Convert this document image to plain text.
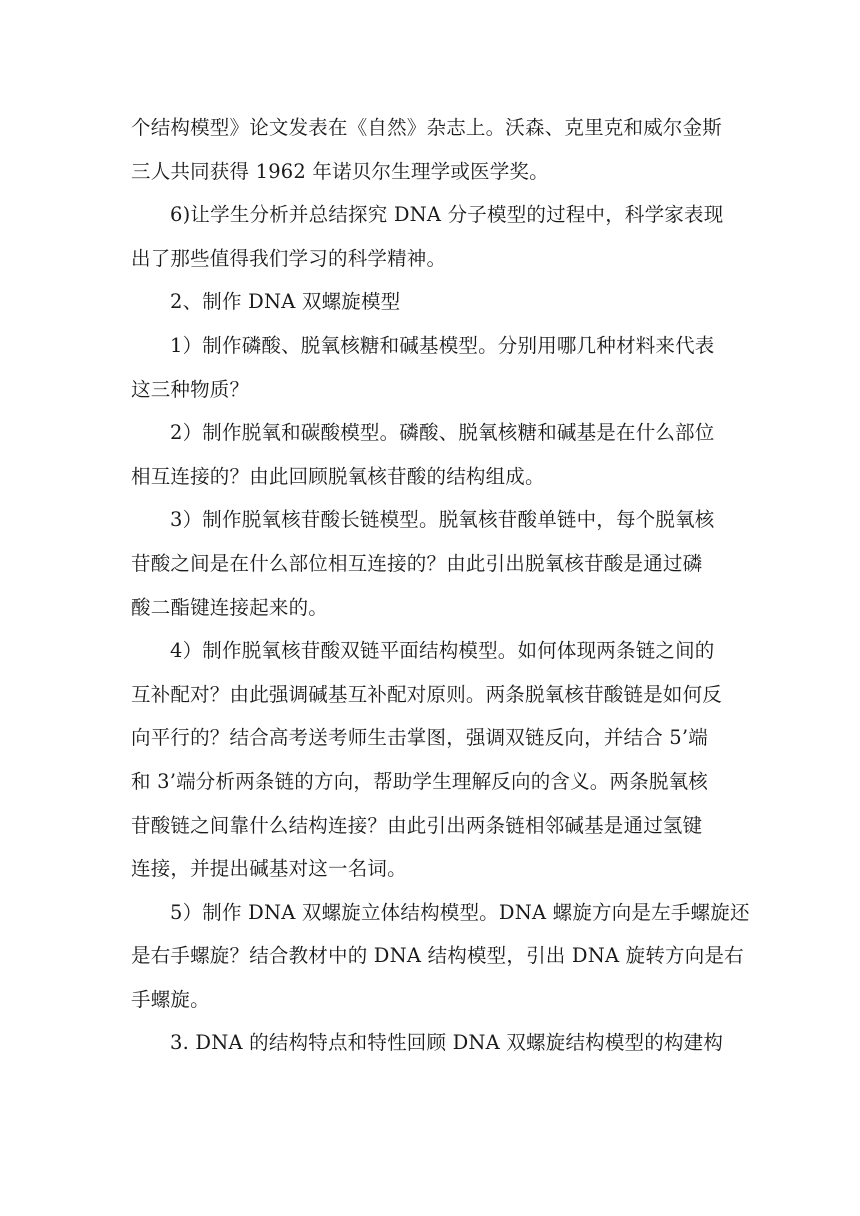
个结构模型》论文发表在《自然》杂志上。沃森、克里克和威尔金斯
三人共同获得 1962 年诺贝尔生理学或医学奖。
6)让学生分析并总结探究 DNA 分子模型的过程中，科学家表现
出了那些值得我们学习的科学精神。
2、制作 DNA 双螺旋模型
1）制作磷酸、脱氧核糖和碱基模型。分别用哪几种材料来代表
这三种物质？
2）制作脱氧和碳酸模型。磷酸、脱氧核糖和碱基是在什么部位
相互连接的？由此回顾脱氧核苷酸的结构组成。
3）制作脱氧核苷酸长链模型。脱氧核苷酸单链中，每个脱氧核
苷酸之间是在什么部位相互连接的？由此引出脱氧核苷酸是通过磷
酸二酯键连接起来的。
4）制作脱氧核苷酸双链平面结构模型。如何体现两条链之间的
互补配对？由此强调碱基互补配对原则。两条脱氧核苷酸链是如何反
向平行的？结合高考送考师生击掌图，强调双链反向，并结合 5’端
和 3’端分析两条链的方向，帮助学生理解反向的含义。两条脱氧核
苷酸链之间靠什么结构连接？由此引出两条链相邻碱基是通过氢键
连接，并提出碱基对这一名词。
5）制作 DNA 双螺旋立体结构模型。DNA 螺旋方向是左手螺旋还
是右手螺旋？结合教材中的 DNA 结构模型，引出 DNA 旋转方向是右
手螺旋。
3. DNA 的结构特点和特性回顾 DNA 双螺旋结构模型的构建构
